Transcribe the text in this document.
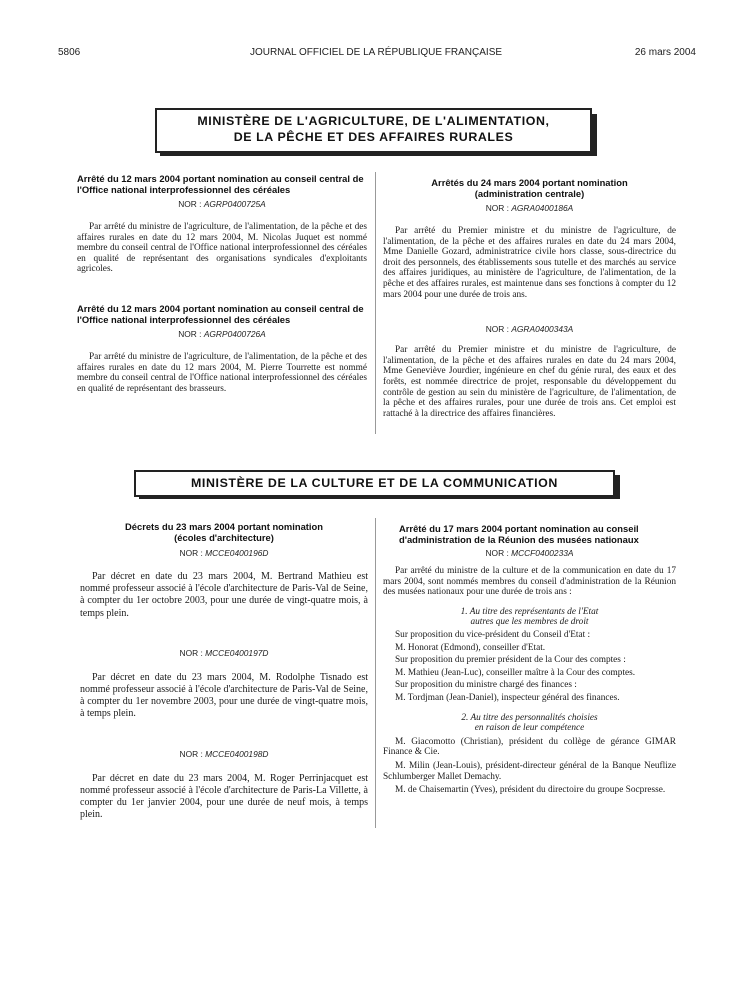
5806	JOURNAL OFFICIEL DE LA RÉPUBLIQUE FRANÇAISE	26 mars 2004
MINISTÈRE DE L'AGRICULTURE, DE L'ALIMENTATION,
DE LA PÊCHE ET DES AFFAIRES RURALES
Arrêté du 12 mars 2004 portant nomination au conseil central de l'Office national interprofessionnel des céréales
NOR : AGRP0400725A
Par arrêté du ministre de l'agriculture, de l'alimentation, de la pêche et des affaires rurales en date du 12 mars 2004, M. Nicolas Juquet est nommé membre du conseil central de l'Office national interprofessionnel des céréales en qualité de représentant des organisations syndicales d'exploitants agricoles.
Arrêté du 12 mars 2004 portant nomination au conseil central de l'Office national interprofessionnel des céréales
NOR : AGRP0400726A
Par arrêté du ministre de l'agriculture, de l'alimentation, de la pêche et des affaires rurales en date du 12 mars 2004, M. Pierre Tourrette est nommé membre du conseil central de l'Office national interprofessionnel des céréales en qualité de représentant des brasseurs.
Arrêtés du 24 mars 2004 portant nomination
(administration centrale)
NOR : AGRA0400186A
Par arrêté du Premier ministre et du ministre de l'agriculture, de l'alimentation, de la pêche et des affaires rurales en date du 24 mars 2004, Mme Danielle Gozard, administratrice civile hors classe, sous-directrice du droit des personnels, des établissements sous tutelle et des marchés au service des affaires juridiques, au ministère de l'agriculture, de l'alimentation, de la pêche et des affaires rurales, est maintenue dans ses fonctions à compter du 12 mars 2004 pour une durée de trois ans.
NOR : AGRA0400343A
Par arrêté du Premier ministre et du ministre de l'agriculture, de l'alimentation, de la pêche et des affaires rurales en date du 24 mars 2004, Mme Geneviève Jourdier, ingénieure en chef du génie rural, des eaux et des forêts, est nommée directrice de projet, responsable du développement du contrôle de gestion au sein du ministère de l'agriculture, de l'alimentation, de la pêche et des affaires rurales, pour une durée de trois ans. Cet emploi est rattaché à la directrice des affaires financières.
MINISTÈRE DE LA CULTURE ET DE LA COMMUNICATION
Décrets du 23 mars 2004 portant nomination
(écoles d'architecture)
NOR : MCCE0400196D
Par décret en date du 23 mars 2004, M. Bertrand Mathieu est nommé professeur associé à l'école d'architecture de Paris-Val de Seine, à compter du 1er octobre 2003, pour une durée de vingt-quatre mois, à temps plein.
NOR : MCCE0400197D
Par décret en date du 23 mars 2004, M. Rodolphe Tisnado est nommé professeur associé à l'école d'architecture de Paris-Val de Seine, à compter du 1er novembre 2003, pour une durée de vingt-quatre mois, à temps plein.
NOR : MCCE0400198D
Par décret en date du 23 mars 2004, M. Roger Perrinjacquet est nommé professeur associé à l'école d'architecture de Paris-La Villette, à compter du 1er janvier 2004, pour une durée de neuf mois, à temps plein.
Arrêté du 17 mars 2004 portant nomination au conseil d'administration de la Réunion des musées nationaux
NOR : MCCF0400233A
Par arrêté du ministre de la culture et de la communication en date du 17 mars 2004, sont nommés membres du conseil d'administration de la Réunion des musées nationaux pour une durée de trois ans :
1. Au titre des représentants de l'Etat
autres que les membres de droit
Sur proposition du vice-président du Conseil d'Etat :
M. Honorat (Edmond), conseiller d'Etat.
Sur proposition du premier président de la Cour des comptes :
M. Mathieu (Jean-Luc), conseiller maître à la Cour des comptes.
Sur proposition du ministre chargé des finances :
M. Tordjman (Jean-Daniel), inspecteur général des finances.
2. Au titre des personnalités choisies
en raison de leur compétence
M. Giacomotto (Christian), président du collège de gérance GIMAR Finance & Cie.
M. Milin (Jean-Louis), président-directeur général de la Banque Neuflize Schlumberger Mallet Demachy.
M. de Chaisemartin (Yves), président du directoire du groupe Socpresse.
